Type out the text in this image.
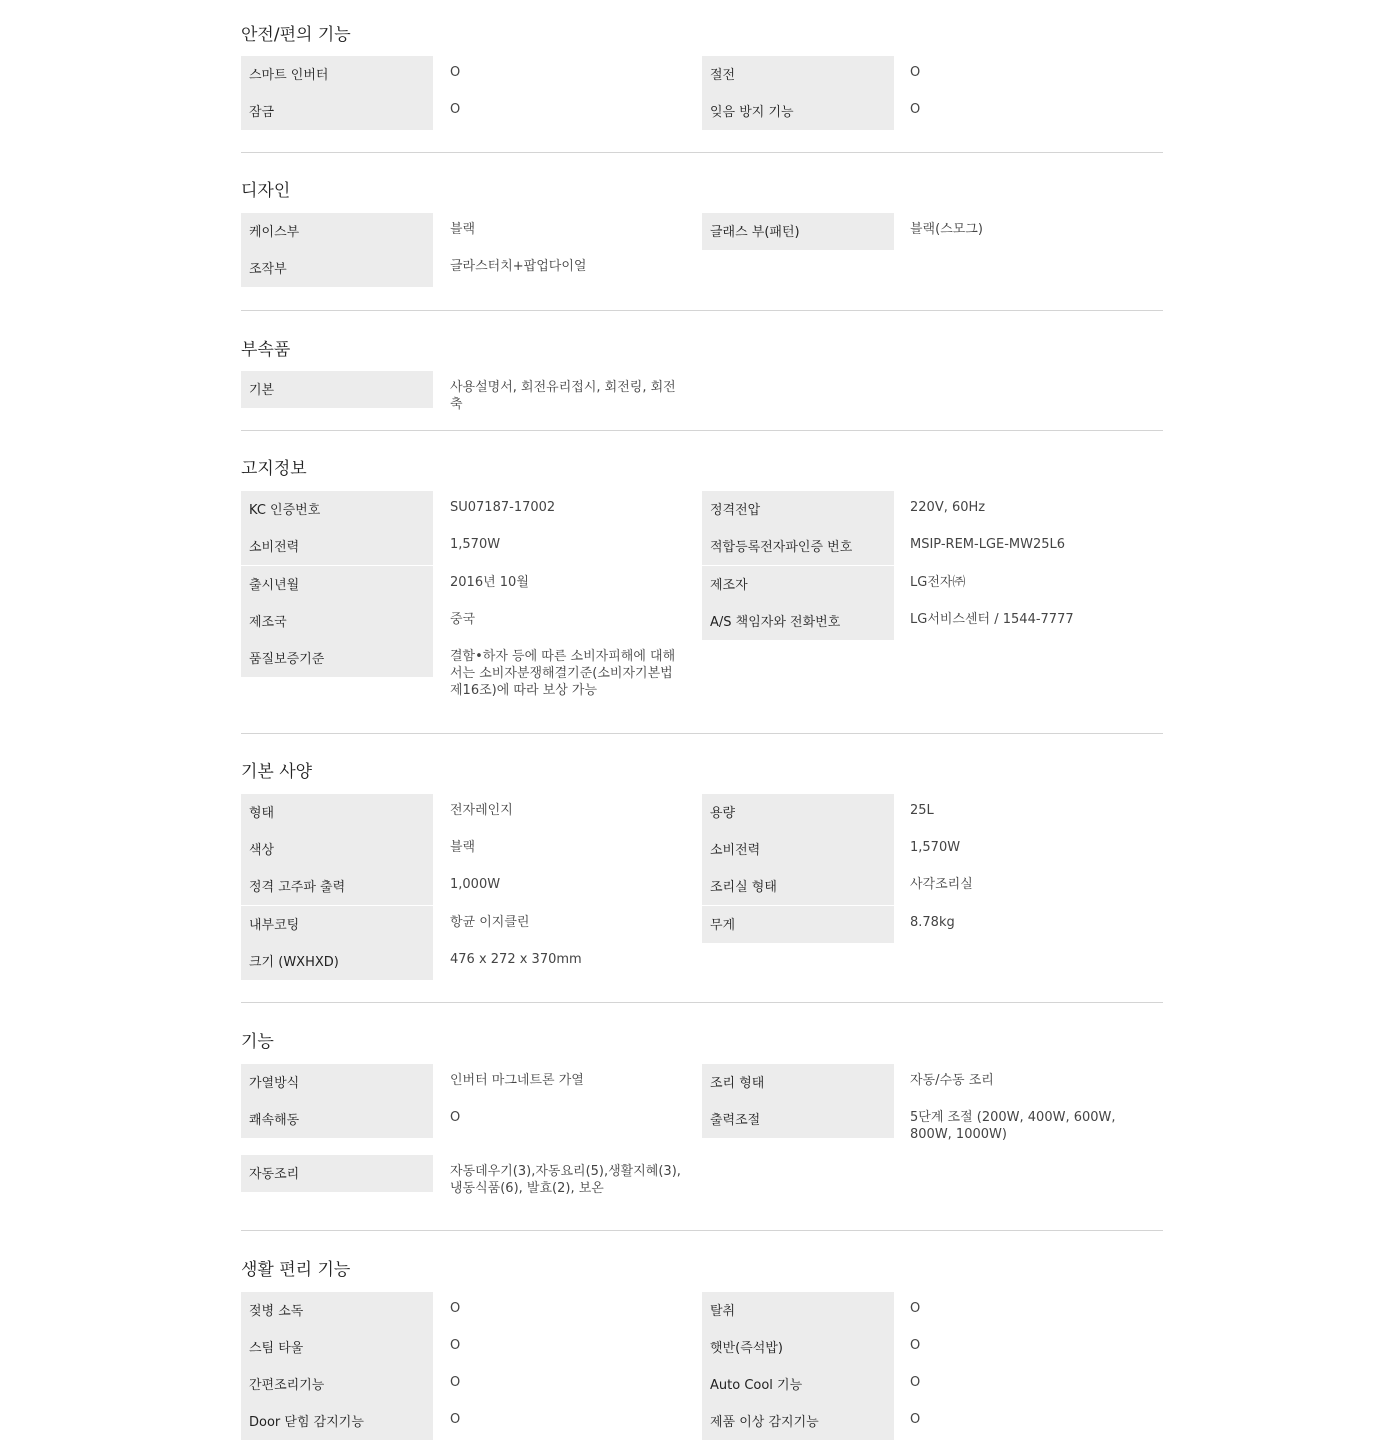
안전/편의 기능
스마트 인버터	O	절전	O
잠금	O	잊음 방지 기능	O
디자인
케이스부	블랙	글래스 부(패턴)	블랙(스모그)
조작부	글라스터치+팝업다이얼
부속품
기본	사용설명서, 회전유리접시, 회전링, 회전축
고지정보
KC 인증번호	SU07187-17002	정격전압	220V, 60Hz
소비전력	1,570W	적합등록전자파인증 번호	MSIP-REM-LGE-MW25L6
출시년월	2016년 10월	제조자	LG전자㈜
제조국	중국	A/S 책임자와 전화번호	LG서비스센터 / 1544-7777
품질보증기준	결함•하자 등에 따른 소비자피해에 대해서는 소비자분쟁해결기준(소비자기본법 제16조)에 따라 보상 가능
기본 사양
형태	전자레인지	용량	25L
색상	블랙	소비전력	1,570W
정격 고주파 출력	1,000W	조리실 형태	사각조리실
내부코팅	항균 이지클린	무게	8.78kg
크기 (WXHXD)	476 x 272 x 370mm
기능
가열방식	인버터 마그네트론 가열	조리 형태	자동/수동 조리
쾌속해동	O	출력조절	5단계 조절 (200W, 400W, 600W, 800W, 1000W)
자동조리	자동데우기(3),자동요리(5),생활지혜(3), 냉동식품(6), 발효(2), 보온
생활 편리 기능
젖병 소독	O	탈취	O
스팀 타울	O	햇반(즉석밥)	O
간편조리기능	O	Auto Cool 기능	O
Door 닫힘 감지기능	O	제품 이상 감지기능	O
